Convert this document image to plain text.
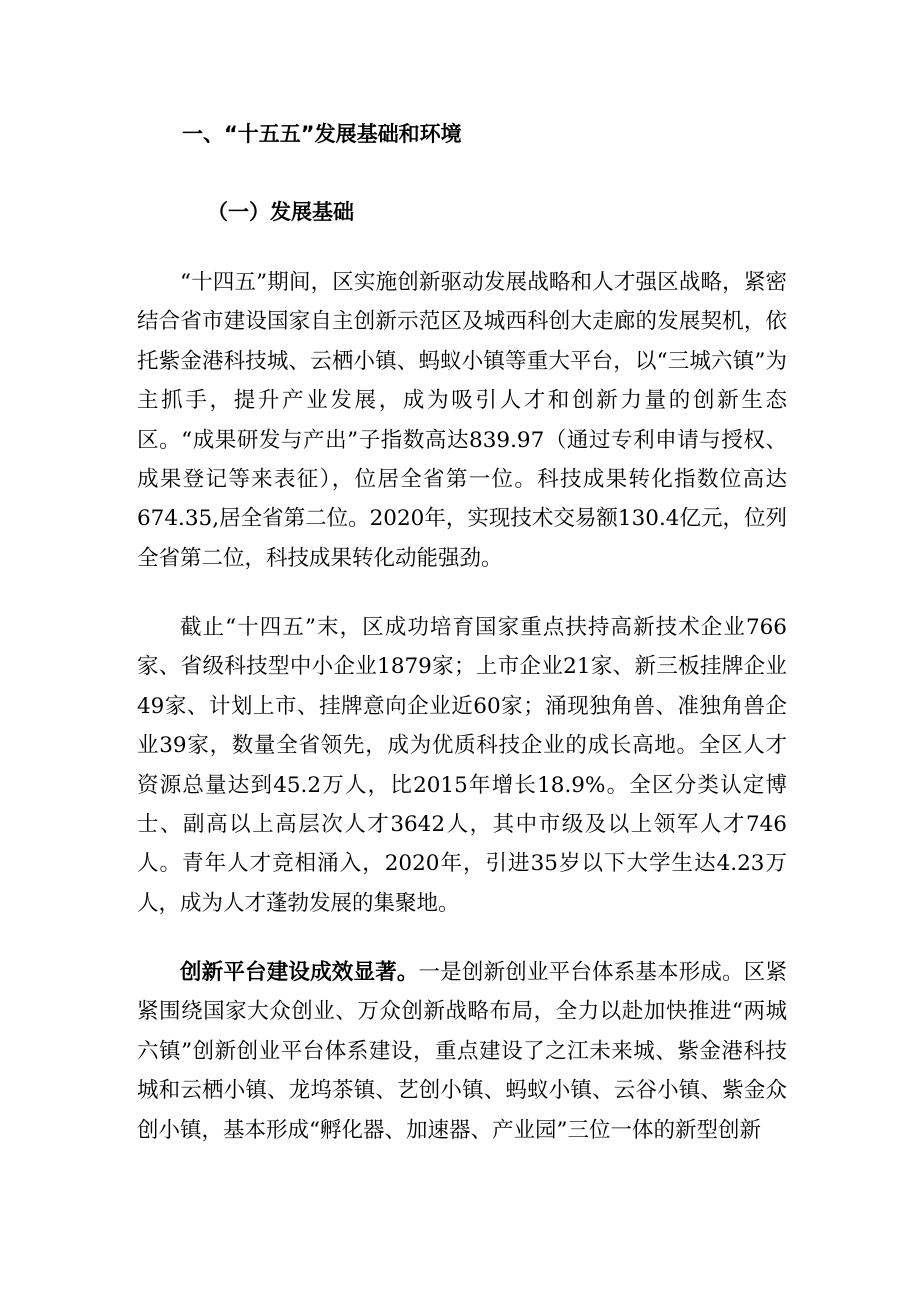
一、“十五五”发展基础和环境
（一）发展基础

“十四五”期间，区实施创新驱动发展战略和人才强区战略，紧密结合省市建设国家自主创新示范区及城西科创大走廊的发展契机，依托紫金港科技城、云栖小镇、蚂蚁小镇等重大平台，以“三城六镇”为主抓手，提升产业发展，成为吸引人才和创新力量的创新生态区。“成果研发与产出”子指数高达839.97（通过专利申请与授权、成果登记等来表征），位居全省第一位。科技成果转化指数位高达674.35,居全省第二位。2020年，实现技术交易额130.4亿元，位列全省第二位，科技成果转化动能强劲。

截止“十四五”末，区成功培育国家重点扶持高新技术企业766家、省级科技型中小企业1879家；上市企业21家、新三板挂牌企业49家、计划上市、挂牌意向企业近60家；涌现独角兽、准独角兽企业39家，数量全省领先，成为优质科技企业的成长高地。全区人才资源总量达到45.2万人，比2015年增长18.9%。全区分类认定博士、副高以上高层次人才3642人，其中市级及以上领军人才746人。青年人才竞相涌入，2020年，引进35岁以下大学生达4.23万人，成为人才蓬勃发展的集聚地。

创新平台建设成效显著。一是创新创业平台体系基本形成。区紧紧围绕国家大众创业、万众创新战略布局，全力以赴加快推进“两城六镇”创新创业平台体系建设，重点建设了之江未来城、紫金港科技城和云栖小镇、龙坞茶镇、艺创小镇、蚂蚁小镇、云谷小镇、紫金众创小镇，基本形成“孵化器、加速器、产业园”三位一体的新型创新
